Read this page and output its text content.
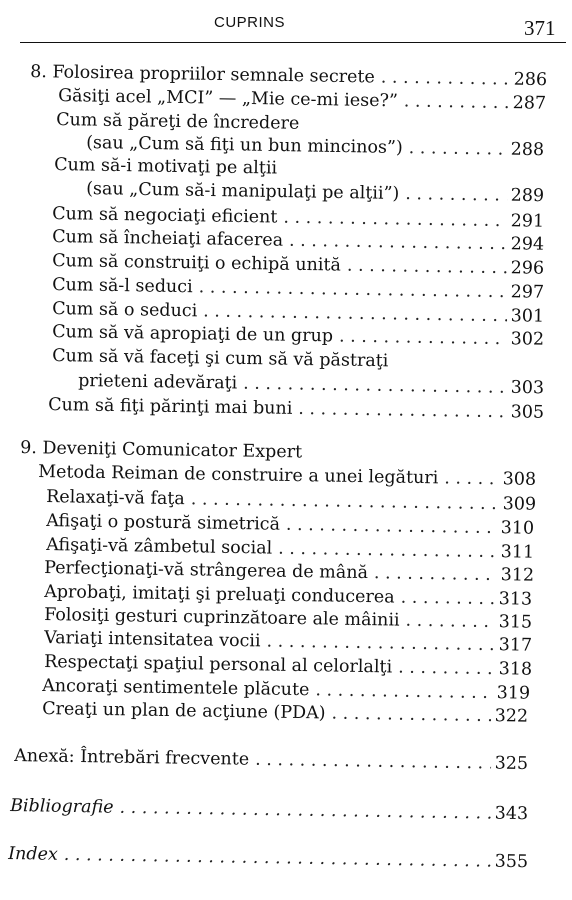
CUPRINS	371
8. Folosirea propriilor semnale secrete . . .	286
Găsiţi acel „MCI” — „Mie ce-mi iese?” . . .	287
Cum să păreţi de încredere
(sau „Cum să fiţi un bun mincinos”) . . .	288
Cum să-i motivaţi pe alţii
(sau „Cum să-i manipulaţi pe alţii”) . . .	289
Cum să negociaţi eficient . . .	291
Cum să încheiaţi afacerea . . .	294
Cum să construiţi o echipă unită . . .	296
Cum să-l seduci . . .	297
Cum să o seduci . . .	301
Cum să vă apropiaţi de un grup . . .	302
Cum să vă faceţi şi cum să vă păstraţi
prieteni adevăraţi . . .	303
Cum să fiţi părinţi mai buni . . .	305
9. Deveniţi Comunicator Expert
Metoda Reiman de construire a unei legături . . .	308
Relaxaţi-vă faţa . . .	309
Afişaţi o postură simetrică . . .	310
Afişaţi-vă zâmbetul social . . .	311
Perfecţionaţi-vă strângerea de mână . . .	312
Aprobaţi, imitaţi şi preluaţi conducerea . . .	313
Folosiţi gesturi cuprinzătoare ale mâinii . . .	315
Variaţi intensitatea vocii . . .	317
Respectaţi spaţiul personal al celorlalţi . . .	318
Ancoraţi sentimentele plăcute . . .	319
Creaţi un plan de acţiune (PDA) . . .	322
Anexă: Întrebări frecvente . . .	325
Bibliografie . . .	343
Index . . .	355
